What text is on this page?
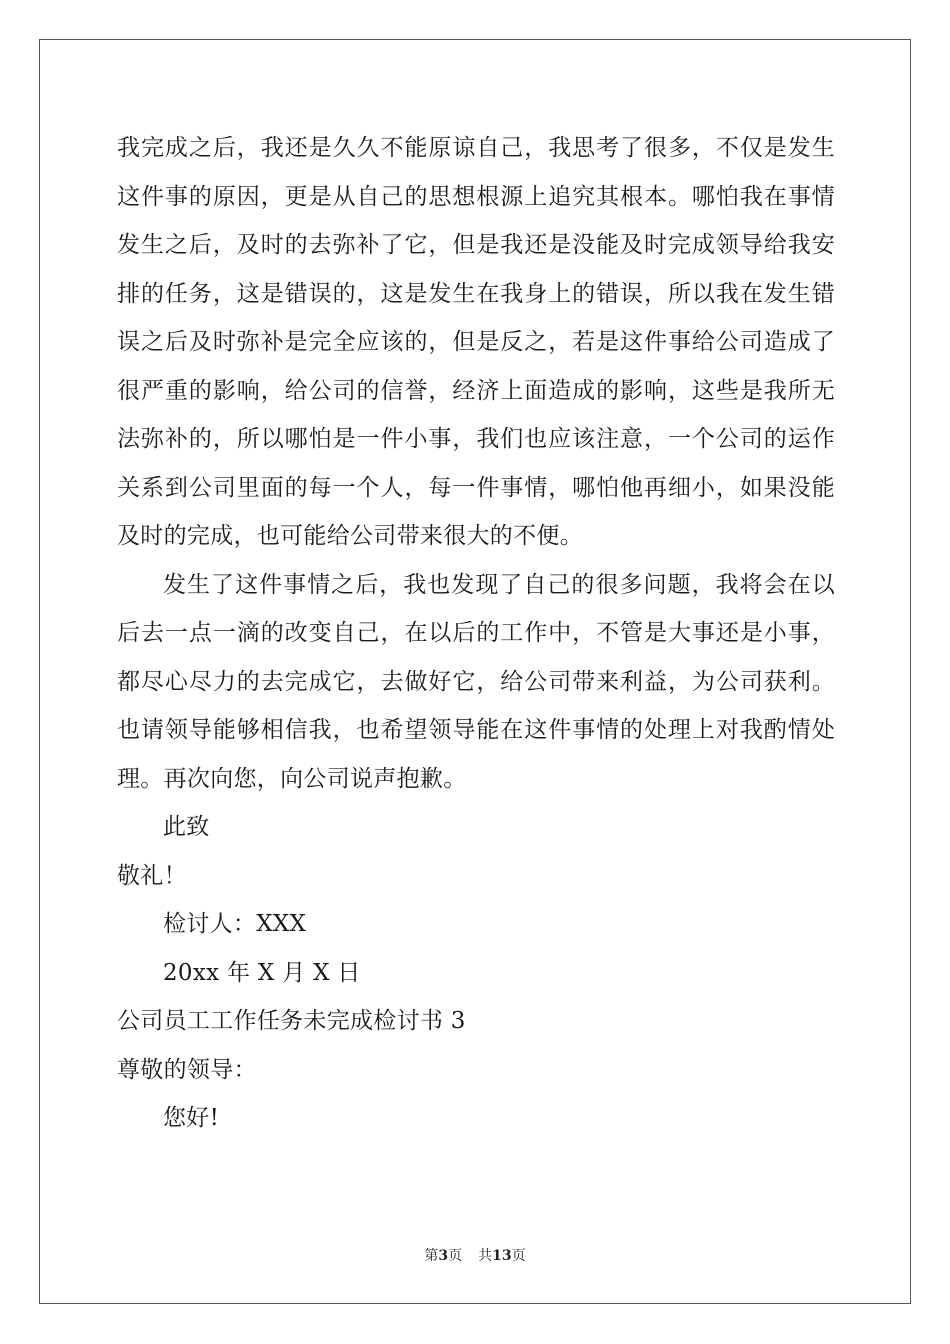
我完成之后，我还是久久不能原谅自己，我思考了很多，不仅是发生这件事的原因，更是从自己的思想根源上追究其根本。哪怕我在事情发生之后，及时的去弥补了它，但是我还是没能及时完成领导给我安排的任务，这是错误的，这是发生在我身上的错误，所以我在发生错误之后及时弥补是完全应该的，但是反之，若是这件事给公司造成了很严重的影响，给公司的信誉，经济上面造成的影响，这些是我所无法弥补的，所以哪怕是一件小事，我们也应该注意，一个公司的运作关系到公司里面的每一个人，每一件事情，哪怕他再细小，如果没能及时的完成，也可能给公司带来很大的不便。

发生了这件事情之后，我也发现了自己的很多问题，我将会在以后去一点一滴的改变自己，在以后的工作中，不管是大事还是小事，都尽心尽力的去完成它，去做好它，给公司带来利益，为公司获利。也请领导能够相信我，也希望领导能在这件事情的处理上对我酌情处理。再次向您，向公司说声抱歉。

此致

敬礼！

检讨人：XXX

20xx 年 X 月 X 日

公司员工工作任务未完成检讨书 3

尊敬的领导：

您好!

第3页 共13页
